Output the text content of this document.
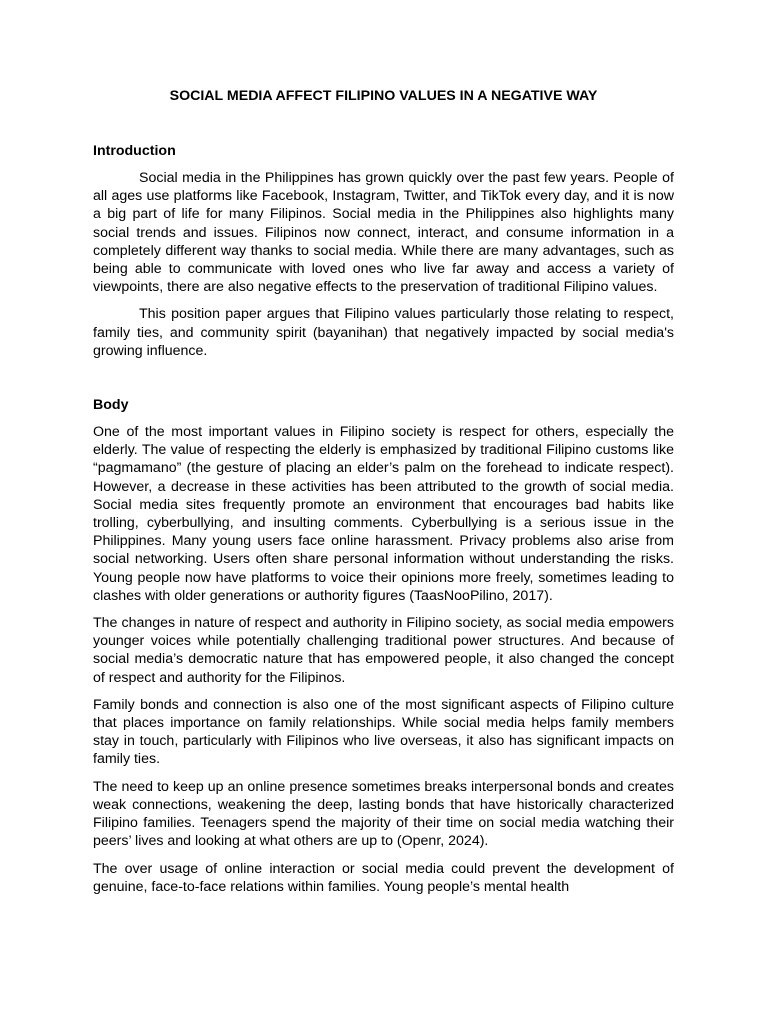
SOCIAL MEDIA AFFECT FILIPINO VALUES IN A NEGATIVE WAY
Introduction

Social media in the Philippines has grown quickly over the past few years. People of all ages use platforms like Facebook, Instagram, Twitter, and TikTok every day, and it is now a big part of life for many Filipinos. Social media in the Philippines also highlights many social trends and issues. Filipinos now connect, interact, and consume information in a completely different way thanks to social media. While there are many advantages, such as being able to communicate with loved ones who live far away and access a variety of viewpoints, there are also negative effects to the preservation of traditional Filipino values.

This position paper argues that Filipino values particularly those relating to respect, family ties, and community spirit (bayanihan) that negatively impacted by social media's growing influence.

Body

One of the most important values in Filipino society is respect for others, especially the elderly. The value of respecting the elderly is emphasized by traditional Filipino customs like “pagmamano” (the gesture of placing an elder’s palm on the forehead to indicate respect). However, a decrease in these activities has been attributed to the growth of social media. Social media sites frequently promote an environment that encourages bad habits like trolling, cyberbullying, and insulting comments. Cyberbullying is a serious issue in the Philippines. Many young users face online harassment. Privacy problems also arise from social networking. Users often share personal information without understanding the risks. Young people now have platforms to voice their opinions more freely, sometimes leading to clashes with older generations or authority figures (TaasNooPilino, 2017).

The changes in nature of respect and authority in Filipino society, as social media empowers younger voices while potentially challenging traditional power structures. And because of social media’s democratic nature that has empowered people, it also changed the concept of respect and authority for the Filipinos.

Family bonds and connection is also one of the most significant aspects of Filipino culture that places importance on family relationships. While social media helps family members stay in touch, particularly with Filipinos who live overseas, it also has significant impacts on family ties.

The need to keep up an online presence sometimes breaks interpersonal bonds and creates weak connections, weakening the deep, lasting bonds that have historically characterized Filipino families. Teenagers spend the majority of their time on social media watching their peers’ lives and looking at what others are up to (Openr, 2024).

The over usage of online interaction or social media could prevent the development of genuine, face-to-face relations within families. Young people’s mental health
